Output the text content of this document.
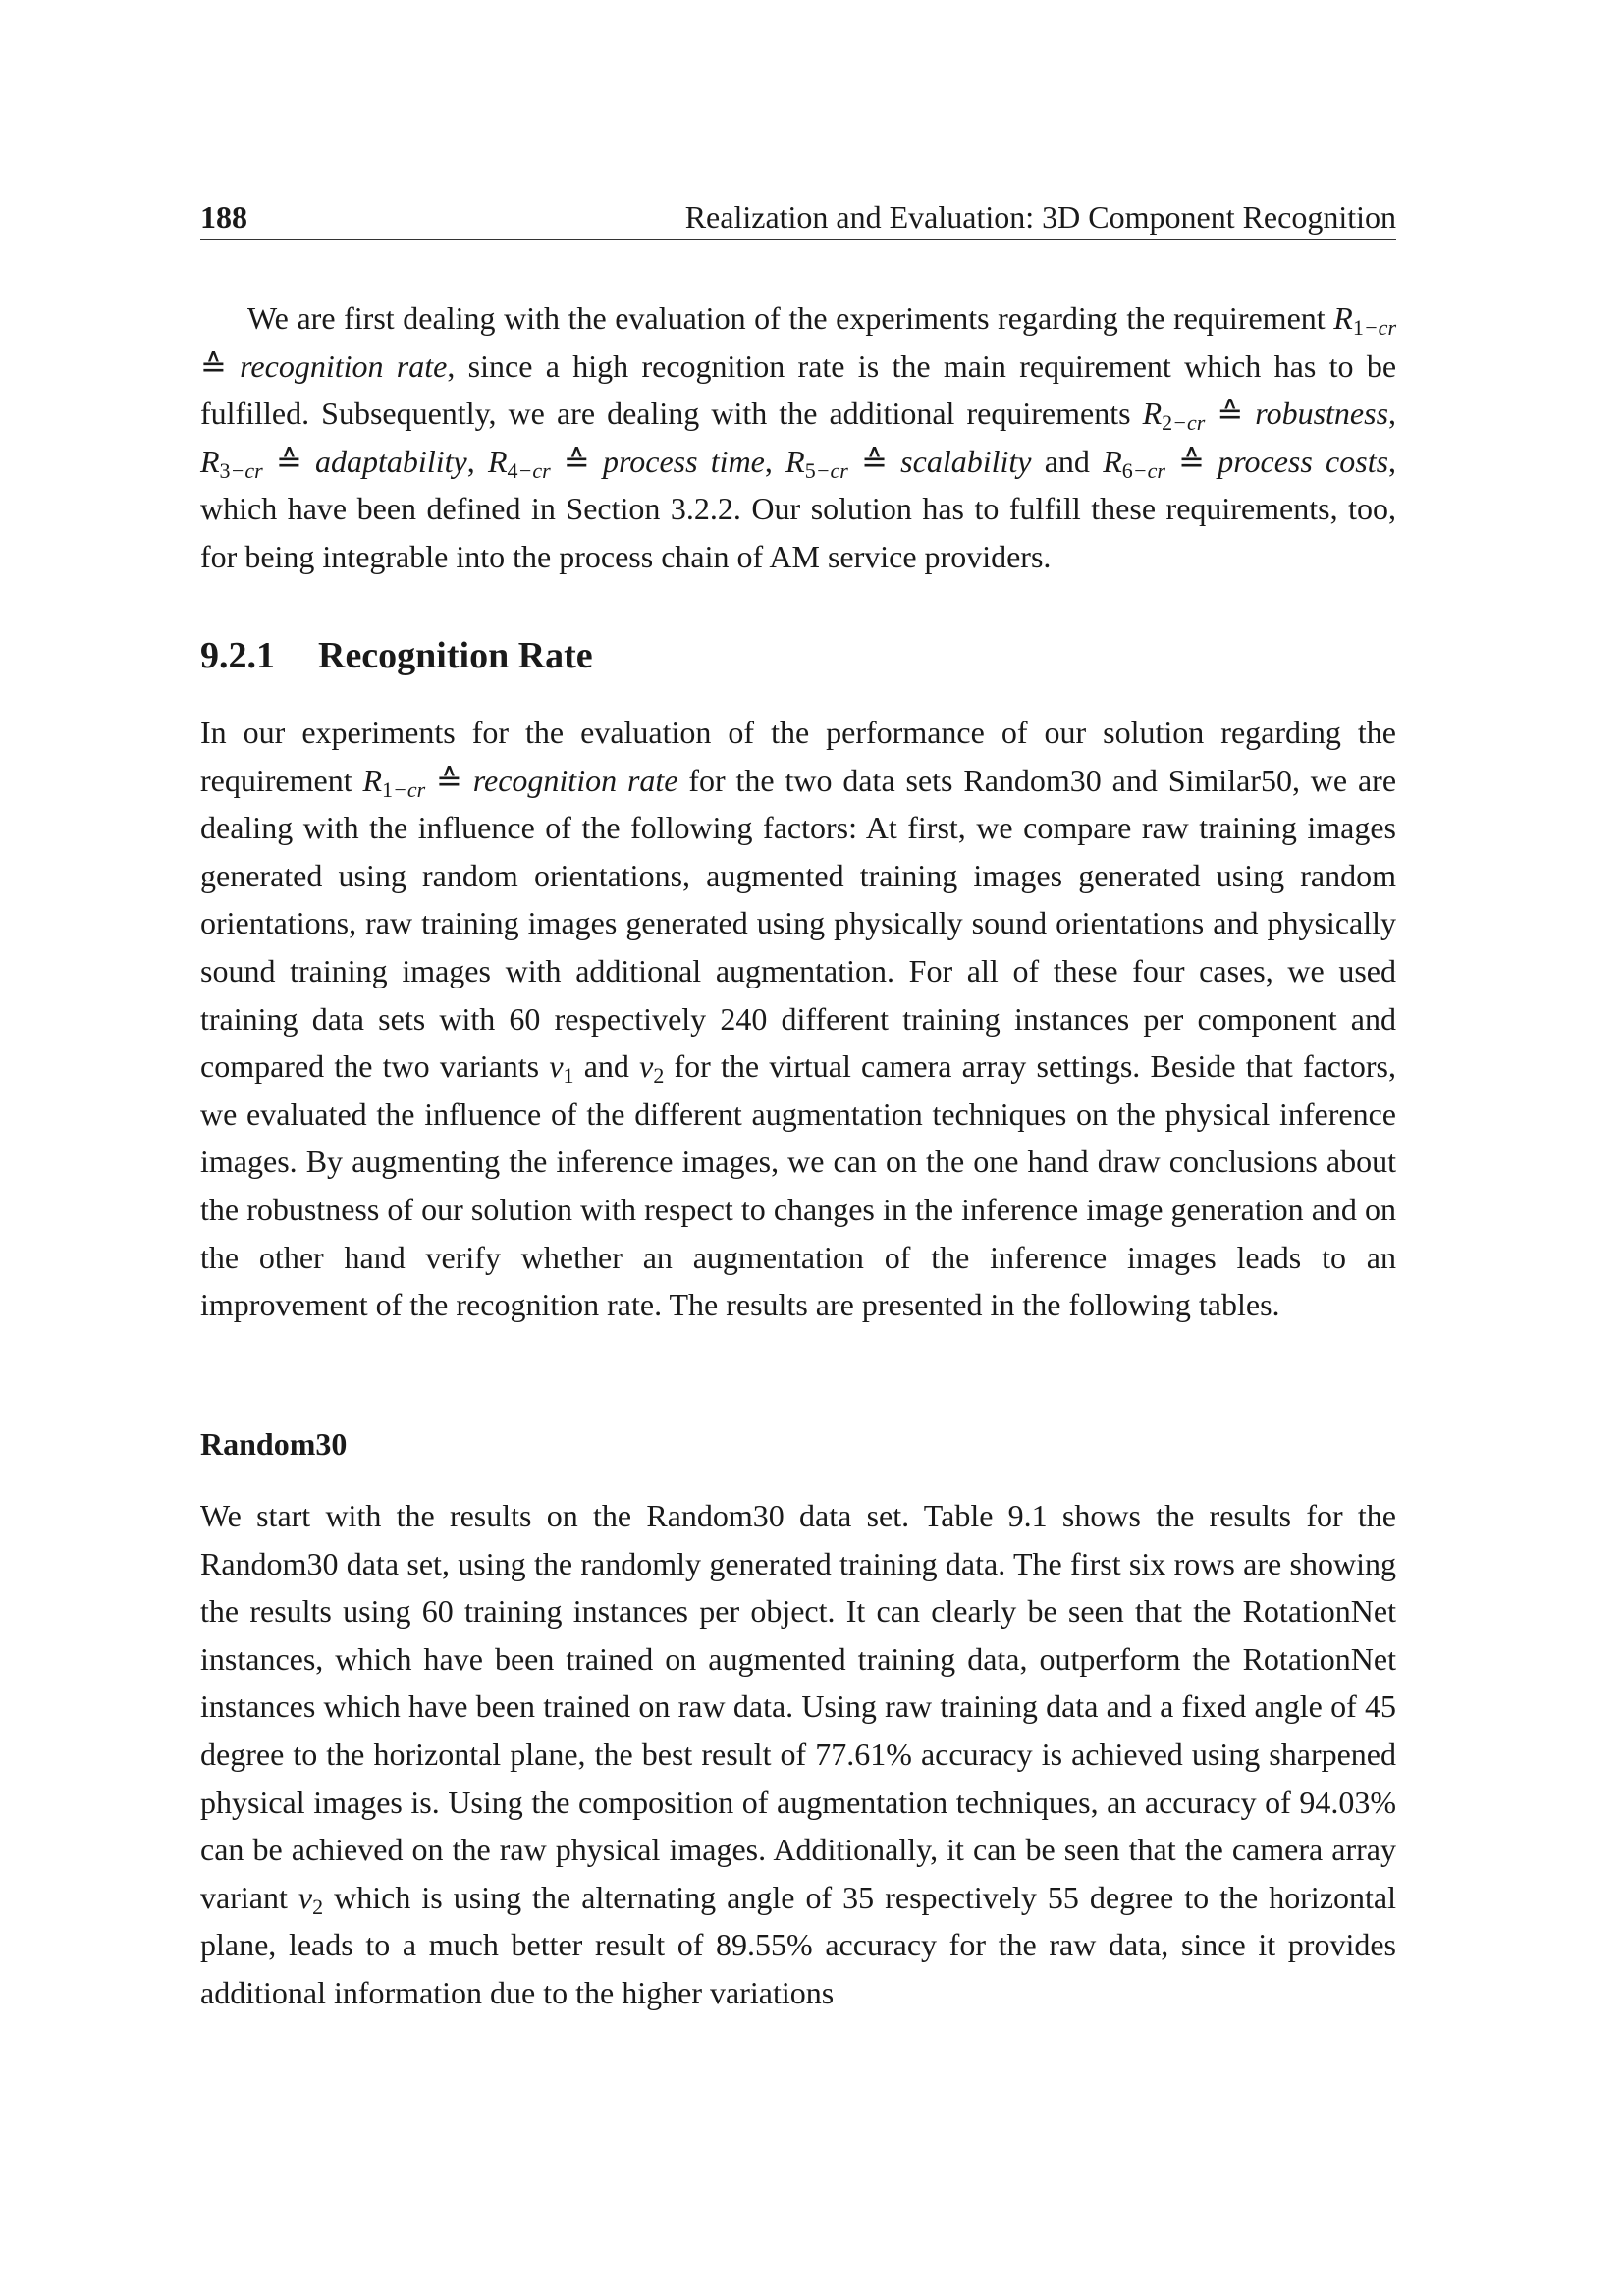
188	Realization and Evaluation: 3D Component Recognition

We are first dealing with the evaluation of the experiments regarding the requirement $R_{1-cr}$ ≙ recognition rate, since a high recognition rate is the main requirement which has to be fulfilled. Subsequently, we are dealing with the additional requirements $R_{2-cr}$ ≙ robustness, $R_{3-cr}$ ≙ adaptability, $R_{4-cr}$ ≙ process time, $R_{5-cr}$ ≙ scalability and $R_{6-cr}$ ≙ process costs, which have been defined in Section 3.2.2. Our solution has to fulfill these requirements, too, for being integrable into the process chain of AM service providers.

9.2.1 Recognition Rate

In our experiments for the evaluation of the performance of our solution regarding the requirement $R_{1-cr}$ ≙ recognition rate for the two data sets Random30 and Similar50, we are dealing with the influence of the following factors: At first, we compare raw training images generated using random orientations, augmented training images generated using random orientations, raw training images generated using physically sound orientations and physically sound training images with additional augmentation. For all of these four cases, we used training data sets with 60 respectively 240 different training instances per component and compared the two variants $v_1$ and $v_2$ for the virtual camera array settings. Beside that factors, we evaluated the influence of the different augmentation techniques on the physical inference images. By augmenting the inference images, we can on the one hand draw conclusions about the robustness of our solution with respect to changes in the inference image generation and on the other hand verify whether an augmentation of the inference images leads to an improvement of the recognition rate. The results are presented in the following tables.

Random30

We start with the results on the Random30 data set. Table 9.1 shows the results for the Random30 data set, using the randomly generated training data. The first six rows are showing the results using 60 training instances per object. It can clearly be seen that the RotationNet instances, which have been trained on augmented training data, outperform the RotationNet instances which have been trained on raw data. Using raw training data and a fixed angle of 45 degree to the horizontal plane, the best result of 77.61% accuracy is achieved using sharpened physical images is. Using the composition of augmentation techniques, an accuracy of 94.03% can be achieved on the raw physical images. Additionally, it can be seen that the camera array variant $v_2$ which is using the alternating angle of 35 respectively 55 degree to the horizontal plane, leads to a much better result of 89.55% accuracy for the raw data, since it provides additional information due to the higher variations
